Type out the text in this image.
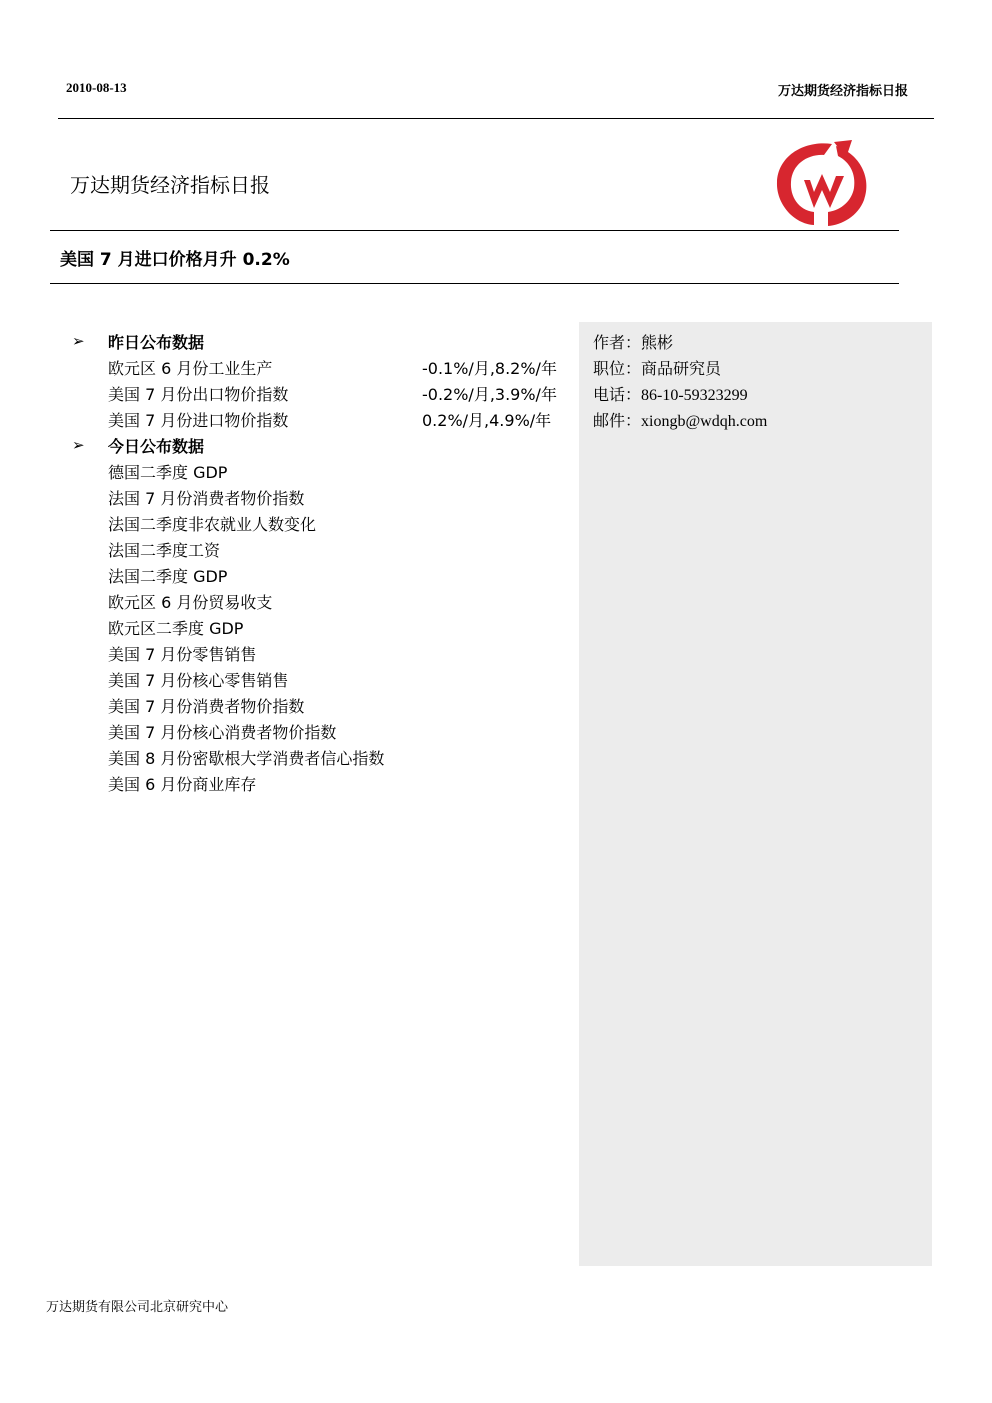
2010-08-13	万达期货经济指标日报
万达期货经济指标日报
美国 7 月进口价格月升 0.2%
➢	昨日公布数据
欧元区 6 月份工业生产	-0.1%/月,8.2%/年
美国 7 月份出口物价指数	-0.2%/月,3.9%/年
美国 7 月份进口物价指数	0.2%/月,4.9%/年
➢	今日公布数据
德国二季度 GDP
法国 7 月份消费者物价指数
法国二季度非农就业人数变化
法国二季度工资
法国二季度 GDP
欧元区 6 月份贸易收支
欧元区二季度 GDP
美国 7 月份零售销售
美国 7 月份核心零售销售
美国 7 月份消费者物价指数
美国 7 月份核心消费者物价指数
美国 8 月份密歇根大学消费者信心指数
美国 6 月份商业库存
作者：熊彬
职位：商品研究员
电话：86-10-59323299
邮件：xiongb@wdqh.com
万达期货有限公司北京研究中心
